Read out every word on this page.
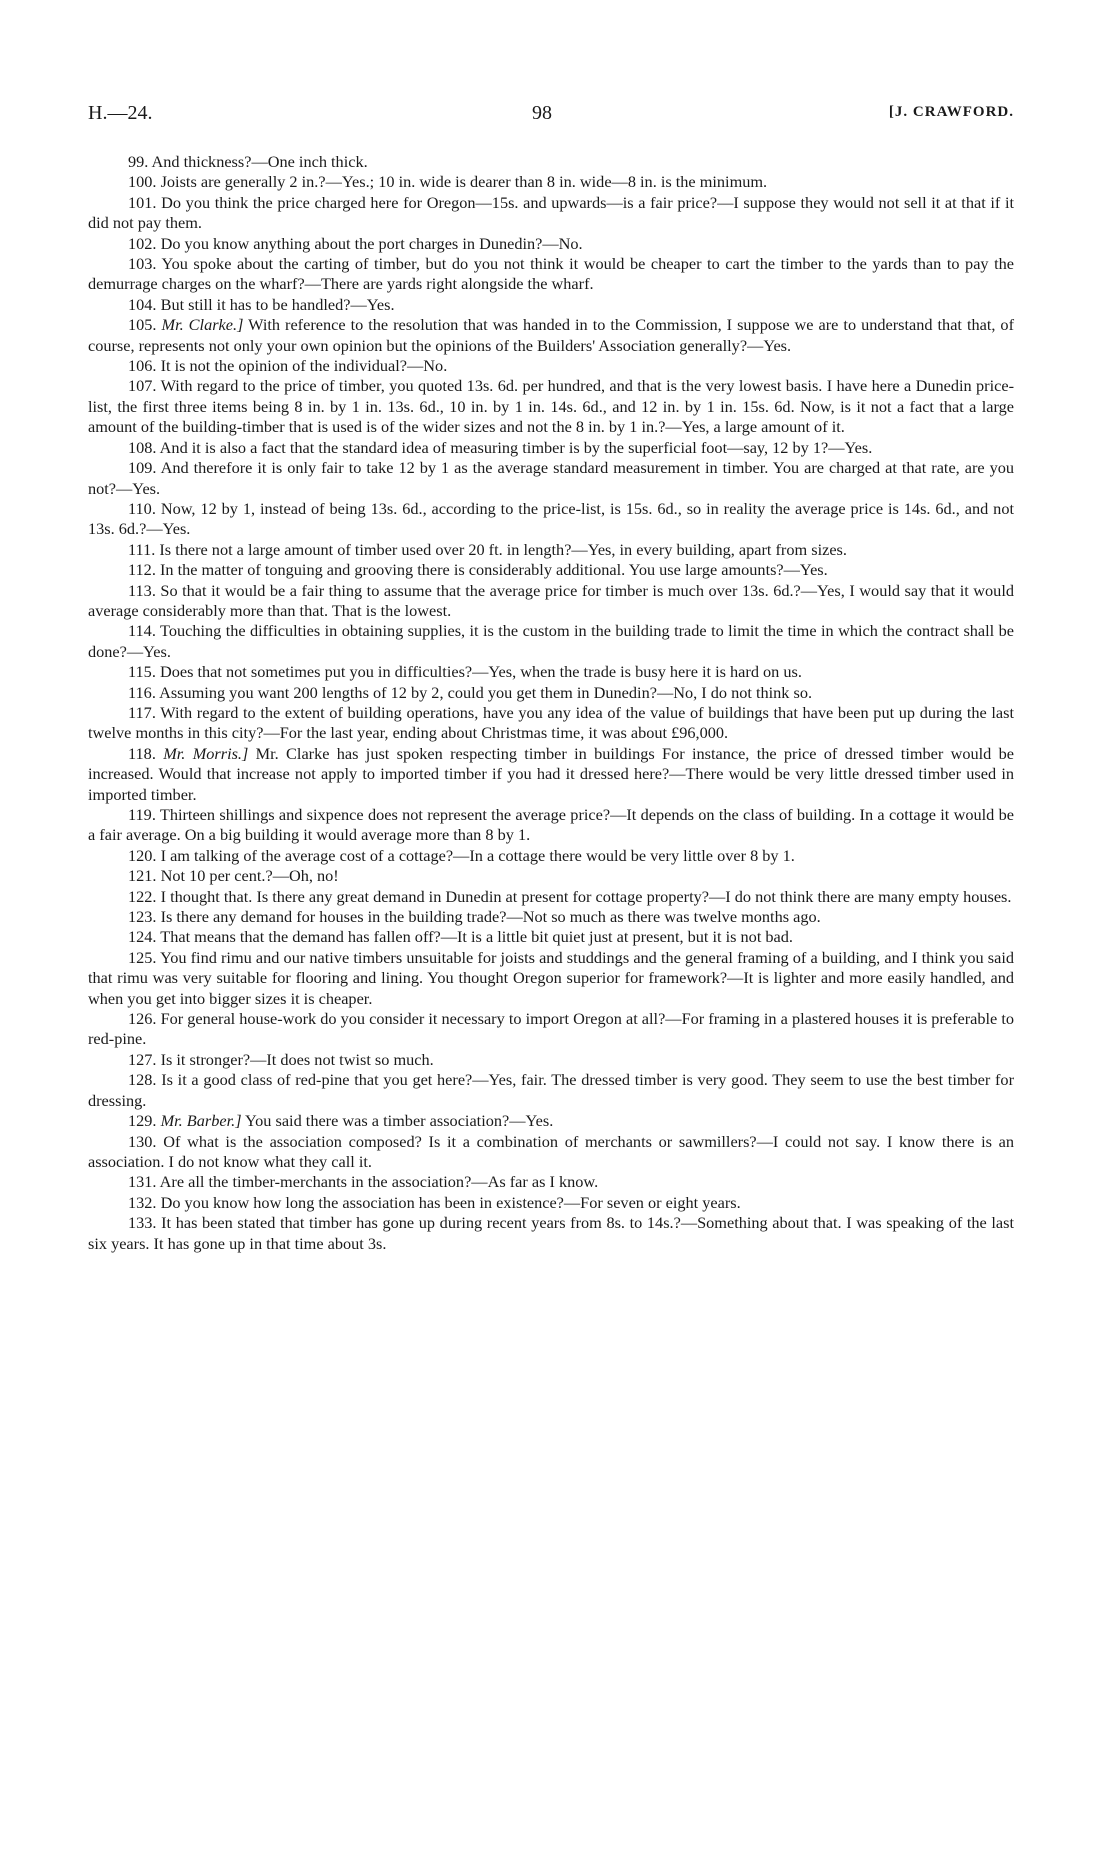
H.—24.	98	[J. CRAWFORD.

99. And thickness?—One inch thick.

100. Joists are generally 2 in.?—Yes.; 10 in. wide is dearer than 8 in. wide—8 in. is the minimum.

101. Do you think the price charged here for Oregon—15s. and upwards—is a fair price?—I suppose they would not sell it at that if it did not pay them.

102. Do you know anything about the port charges in Dunedin?—No.

103. You spoke about the carting of timber, but do you not think it would be cheaper to cart the timber to the yards than to pay the demurrage charges on the wharf?—There are yards right alongside the wharf.

104. But still it has to be handled?—Yes.

105. Mr. Clarke.] With reference to the resolution that was handed in to the Commission, I suppose we are to understand that that, of course, represents not only your own opinion but the opinions of the Builders' Association generally?—Yes.

106. It is not the opinion of the individual?—No.

107. With regard to the price of timber, you quoted 13s. 6d. per hundred, and that is the very lowest basis. I have here a Dunedin price-list, the first three items being 8 in. by 1 in. 13s. 6d., 10 in. by 1 in. 14s. 6d., and 12 in. by 1 in. 15s. 6d. Now, is it not a fact that a large amount of the building-timber that is used is of the wider sizes and not the 8 in. by 1 in.?—Yes, a large amount of it.

108. And it is also a fact that the standard idea of measuring timber is by the superficial foot—say, 12 by 1?—Yes.

109. And therefore it is only fair to take 12 by 1 as the average standard measurement in timber. You are charged at that rate, are you not?—Yes.

110. Now, 12 by 1, instead of being 13s. 6d., according to the price-list, is 15s. 6d., so in reality the average price is 14s. 6d., and not 13s. 6d.?—Yes.

111. Is there not a large amount of timber used over 20 ft. in length?—Yes, in every building, apart from sizes.

112. In the matter of tonguing and grooving there is considerably additional. You use large amounts?—Yes.

113. So that it would be a fair thing to assume that the average price for timber is much over 13s. 6d.?—Yes, I would say that it would average considerably more than that. That is the lowest.

114. Touching the difficulties in obtaining supplies, it is the custom in the building trade to limit the time in which the contract shall be done?—Yes.

115. Does that not sometimes put you in difficulties?—Yes, when the trade is busy here it is hard on us.

116. Assuming you want 200 lengths of 12 by 2, could you get them in Dunedin?—No, I do not think so.

117. With regard to the extent of building operations, have you any idea of the value of buildings that have been put up during the last twelve months in this city?—For the last year, ending about Christmas time, it was about £96,000.

118. Mr. Morris.] Mr. Clarke has just spoken respecting timber in buildings For instance, the price of dressed timber would be increased. Would that increase not apply to imported timber if you had it dressed here?—There would be very little dressed timber used in imported timber.

119. Thirteen shillings and sixpence does not represent the average price?—It depends on the class of building. In a cottage it would be a fair average. On a big building it would average more than 8 by 1.

120. I am talking of the average cost of a cottage?—In a cottage there would be very little over 8 by 1.

121. Not 10 per cent.?—Oh, no!

122. I thought that. Is there any great demand in Dunedin at present for cottage property?—I do not think there are many empty houses.

123. Is there any demand for houses in the building trade?—Not so much as there was twelve months ago.

124. That means that the demand has fallen off?—It is a little bit quiet just at present, but it is not bad.

125. You find rimu and our native timbers unsuitable for joists and studdings and the general framing of a building, and I think you said that rimu was very suitable for flooring and lining. You thought Oregon superior for framework?—It is lighter and more easily handled, and when you get into bigger sizes it is cheaper.

126. For general house-work do you consider it necessary to import Oregon at all?—For framing in a plastered houses it is preferable to red-pine.

127. Is it stronger?—It does not twist so much.

128. Is it a good class of red-pine that you get here?—Yes, fair. The dressed timber is very good. They seem to use the best timber for dressing.

129. Mr. Barber.] You said there was a timber association?—Yes.

130. Of what is the association composed? Is it a combination of merchants or sawmillers?—I could not say. I know there is an association. I do not know what they call it.

131. Are all the timber-merchants in the association?—As far as I know.

132. Do you know how long the association has been in existence?—For seven or eight years.

133. It has been stated that timber has gone up during recent years from 8s. to 14s.?—Something about that. I was speaking of the last six years. It has gone up in that time about 3s.
